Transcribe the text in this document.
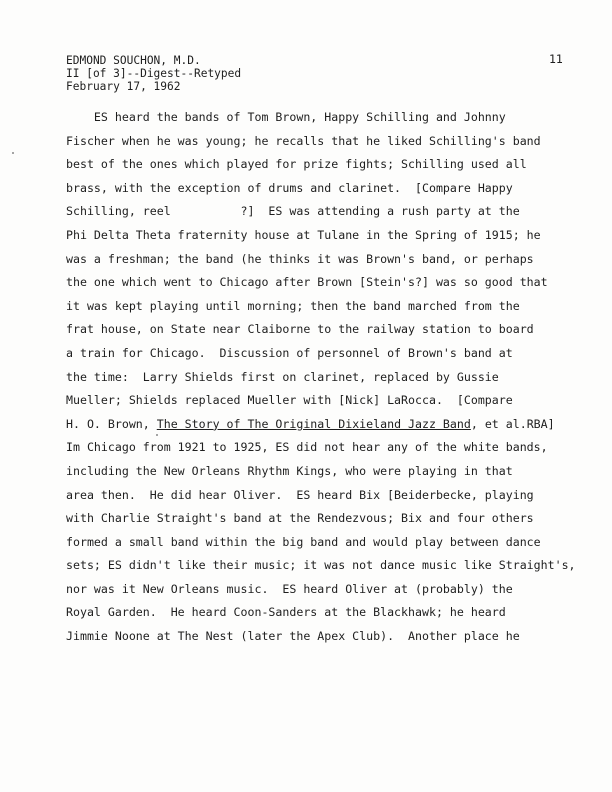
EDMOND SOUCHON, M.D.
II [of 3]--Digest--Retyped
February 17, 1962
11
ES heard the bands of Tom Brown, Happy Schilling and Johnny
Fischer when he was young; he recalls that he liked Schilling's band
best of the ones which played for prize fights; Schilling used all
brass, with the exception of drums and clarinet.  [Compare Happy
Schilling, reel          ?]  ES was attending a rush party at the
Phi Delta Theta fraternity house at Tulane in the Spring of 1915; he
was a freshman; the band (he thinks it was Brown's band, or perhaps
the one which went to Chicago after Brown [Stein's?] was so good that
it was kept playing until morning; then the band marched from the
frat house, on State near Claiborne to the railway station to board
a train for Chicago.  Discussion of personnel of Brown's band at
the time:  Larry Shields first on clarinet, replaced by Gussie
Mueller; Shields replaced Mueller with [Nick] LaRocca.  [Compare
H. O. Brown, The Story of The Original Dixieland Jazz Band, et al.RBA]
Im Chicago from 1921 to 1925, ES did not hear any of the white bands,
including the New Orleans Rhythm Kings, who were playing in that
area then.  He did hear Oliver.  ES heard Bix [Beiderbecke, playing
with Charlie Straight's band at the Rendezvous; Bix and four others
formed a small band within the big band and would play between dance
sets; ES didn't like their music; it was not dance music like Straight's,
nor was it New Orleans music.  ES heard Oliver at (probably) the
Royal Garden.  He heard Coon-Sanders at the Blackhawk; he heard
Jimmie Noone at The Nest (later the Apex Club).  Another place he
